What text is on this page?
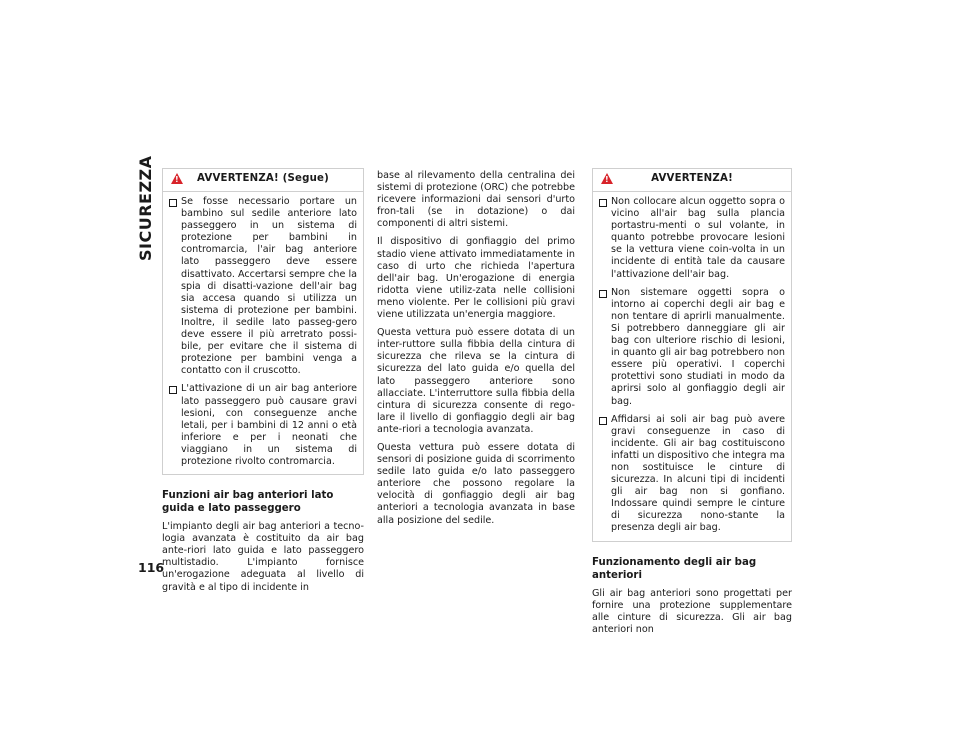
SICUREZZA
116
!	AVVERTENZA! (Segue)
Se fosse necessario portare un bambino sul sedile anteriore lato passeggero in un sistema di protezione per bambini in contromarcia, l'air bag anteriore lato passeggero deve essere disattivato. Accertarsi sempre che la spia di disatti-vazione dell'air bag sia accesa quando si utilizza un sistema di protezione per bambini. Inoltre, il sedile lato passeg-gero deve essere il più arretrato possi-bile, per evitare che il sistema di protezione per bambini venga a contatto con il cruscotto.
L'attivazione di un air bag anteriore lato passeggero può causare gravi lesioni, con conseguenze anche letali, per i bambini di 12 anni o età inferiore e per i neonati che viaggiano in un sistema di protezione rivolto contromarcia.
Funzioni air bag anteriori lato guida e lato passeggero
L'impianto degli air bag anteriori a tecno-logia avanzata è costituito da air bag ante-riori lato guida e lato passeggero multistadio. L'impianto fornisce un'erogazione adeguata al livello di gravità e al tipo di incidente in
base al rilevamento della centralina dei sistemi di protezione (ORC) che potrebbe ricevere informazioni dai sensori d'urto fron-tali (se in dotazione) o dai componenti di altri sistemi.
Il dispositivo di gonfiaggio del primo stadio viene attivato immediatamente in caso di urto che richieda l'apertura dell'air bag. Un'erogazione di energia ridotta viene utiliz-zata nelle collisioni meno violente. Per le collisioni più gravi viene utilizzata un'energia maggiore.
Questa vettura può essere dotata di un inter-ruttore sulla fibbia della cintura di sicurezza che rileva se la cintura di sicurezza del lato guida e/o quella del lato passeggero anteriore sono allacciate. L'interruttore sulla fibbia della cintura di sicurezza consente di rego-lare il livello di gonfiaggio degli air bag ante-riori a tecnologia avanzata.
Questa vettura può essere dotata di sensori di posizione guida di scorrimento sedile lato guida e/o lato passeggero anteriore che possono regolare la velocità di gonfiaggio degli air bag anteriori a tecnologia avanzata in base alla posizione del sedile.
!	AVVERTENZA!
Non collocare alcun oggetto sopra o vicino all'air bag sulla plancia portastru-menti o sul volante, in quanto potrebbe provocare lesioni se la vettura viene coin-volta in un incidente di entità tale da causare l'attivazione dell'air bag.
Non sistemare oggetti sopra o intorno ai coperchi degli air bag e non tentare di aprirli manualmente. Si potrebbero danneggiare gli air bag con ulteriore rischio di lesioni, in quanto gli air bag potrebbero non essere più operativi. I coperchi protettivi sono studiati in modo da aprirsi solo al gonfiaggio degli air bag.
Affidarsi ai soli air bag può avere gravi conseguenze in caso di incidente. Gli air bag costituiscono infatti un dispositivo che integra ma non sostituisce le cinture di sicurezza. In alcuni tipi di incidenti gli air bag non si gonfiano. Indossare quindi sempre le cinture di sicurezza nono-stante la presenza degli air bag.
Funzionamento degli air bag anteriori
Gli air bag anteriori sono progettati per fornire una protezione supplementare alle cinture di sicurezza. Gli air bag anteriori non
